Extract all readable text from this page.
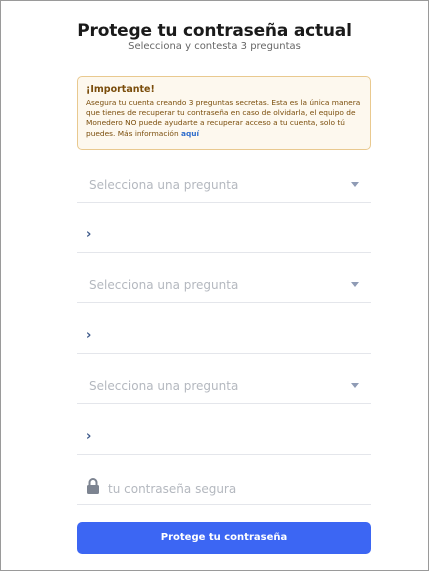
Protege tu contraseña actual
Selecciona y contesta 3 preguntas
¡Importante!

Asegura tu cuenta creando 3 preguntas secretas. Esta es la única manera que tienes de recuperar tu contraseña en caso de olvidarla, el equipo de Monedero NO puede ayudarte a recuperar acceso a tu cuenta, solo tú puedes. Más información aquí

Selecciona una pregunta
›
Selecciona una pregunta
›
Selecciona una pregunta
›
tu contraseña segura
Protege tu contraseña
